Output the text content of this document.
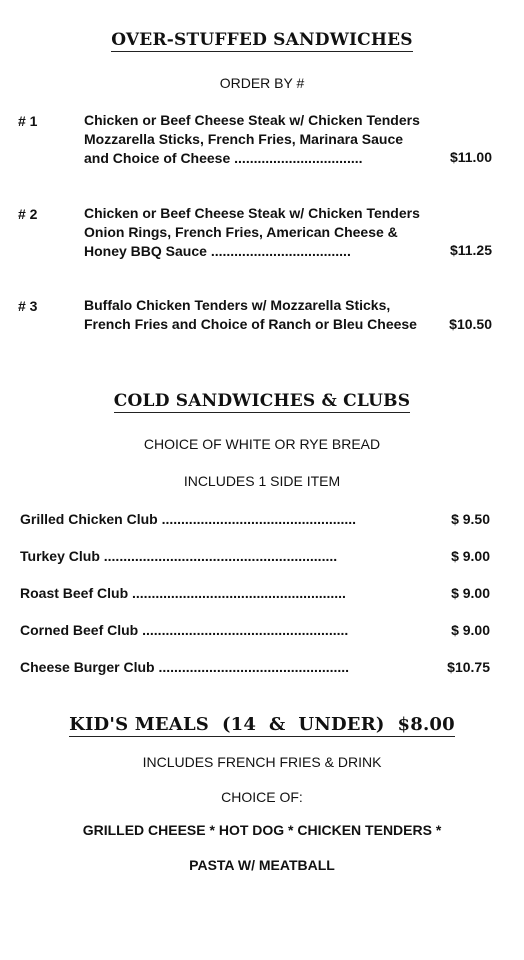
OVER-STUFFED SANDWICHES
ORDER BY #
# 1	Chicken or Beef Cheese Steak w/ Chicken Tenders
Mozzarella Sticks, French Fries, Marinara Sauce
and Choice of Cheese .................................	$11.00
# 2	Chicken or Beef Cheese Steak w/ Chicken Tenders
Onion Rings, French Fries, American Cheese &
Honey BBQ Sauce ....................................	$11.25
# 3	Buffalo Chicken Tenders w/ Mozzarella Sticks,
French Fries and Choice of Ranch or Bleu Cheese	$10.50
COLD SANDWICHES & CLUBS
CHOICE OF WHITE OR RYE BREAD
INCLUDES 1 SIDE ITEM
Grilled Chicken Club ..................................................	$ 9.50
Turkey Club ............................................................	$ 9.00
Roast Beef Club .......................................................	$ 9.00
Corned Beef Club .....................................................	$ 9.00
Cheese Burger Club .................................................	$10.75
KID'S MEALS  (14  &  UNDER)  $8.00
INCLUDES FRENCH FRIES & DRINK
CHOICE OF:
GRILLED CHEESE * HOT DOG * CHICKEN TENDERS *
PASTA W/ MEATBALL
